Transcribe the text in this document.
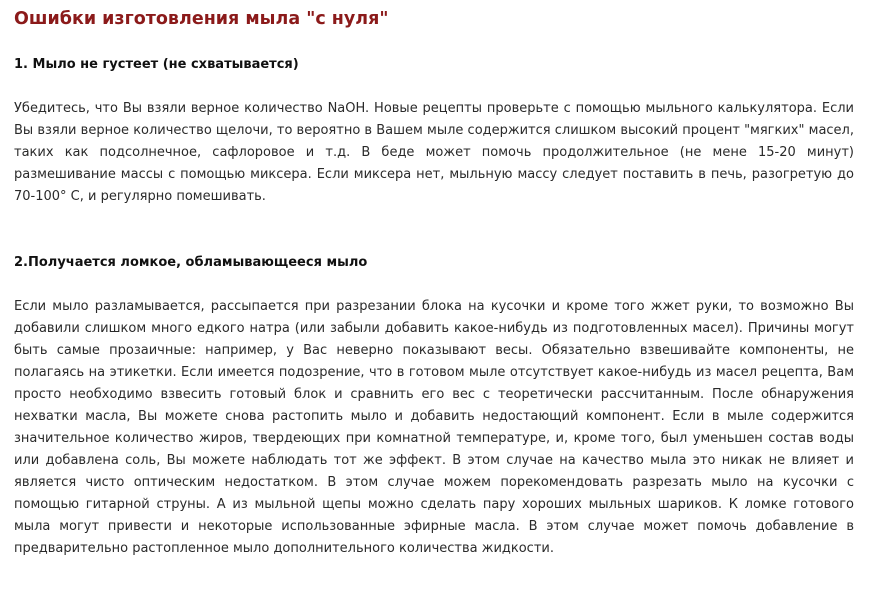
Ошибки изготовления мыла "с нуля"
1. Мыло не густеет (не схватывается)

Убедитесь, что Вы взяли верное количество NaOH. Новые рецепты проверьте с помощью мыльного калькулятора. Если Вы взяли верное количество щелочи, то вероятно в Вашем мыле содержится слишком высокий процент "мягких" масел, таких как подсолнечное, сафлоровое и т.д. В беде может помочь продолжительное (не мене 15-20 минут) размешивание массы с помощью миксера. Если миксера нет, мыльную массу следует поставить в печь, разогретую до 70-100° С, и регулярно помешивать.

2.Получается ломкое, обламывающееся мыло

Если мыло разламывается, рассыпается при разрезании блока на кусочки и кроме того жжет руки, то возможно Вы добавили слишком много едкого натра (или забыли добавить какое-нибудь из подготовленных масел). Причины могут быть самые прозаичные: например, у Вас неверно показывают весы. Обязательно взвешивайте компоненты, не полагаясь на этикетки. Если имеется подозрение, что в готовом мыле отсутствует какое-нибудь из масел рецепта, Вам просто необходимо взвесить готовый блок и сравнить его вес с теоретически рассчитанным. После обнаружения нехватки масла, Вы можете снова растопить мыло и добавить недостающий компонент. Если в мыле содержится значительное количество жиров, твердеющих при комнатной температуре, и, кроме того, был уменьшен состав воды или добавлена соль, Вы можете наблюдать тот же эффект. В этом случае на качество мыла это никак не влияет и является чисто оптическим недостатком. В этом случае можем порекомендовать разрезать мыло на кусочки с помощью гитарной струны. А из мыльной щепы можно сделать пару хороших мыльных шариков. К ломке готового мыла могут привести и некоторые использованные эфирные масла. В этом случае может помочь добавление в предварительно растопленное мыло дополнительного количества жидкости.
